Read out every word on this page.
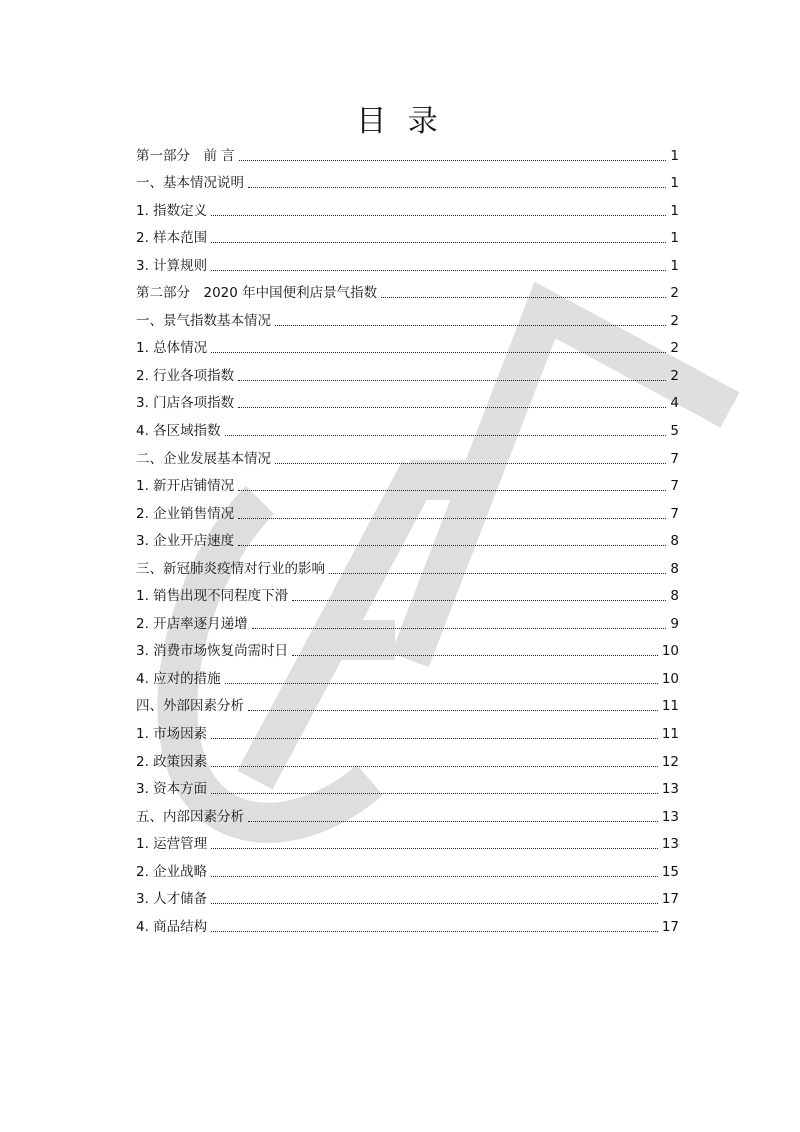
目 录
第一部分　前 言	1
一、基本情况说明	1
1. 指数定义	1
2. 样本范围	1
3. 计算规则	1
第二部分　2020 年中国便利店景气指数	2
一、景气指数基本情况	2
1. 总体情况	2
2. 行业各项指数	2
3. 门店各项指数	4
4. 各区域指数	5
二、企业发展基本情况	7
1. 新开店铺情况	7
2. 企业销售情况	7
3. 企业开店速度	8
三、新冠肺炎疫情对行业的影响	8
1. 销售出现不同程度下滑	8
2. 开店率逐月递增	9
3. 消费市场恢复尚需时日	10
4. 应对的措施	10
四、外部因素分析	11
1. 市场因素	11
2. 政策因素	12
3. 资本方面	13
五、内部因素分析	13
1. 运营管理	13
2. 企业战略	15
3. 人才储备	17
4. 商品结构	17
